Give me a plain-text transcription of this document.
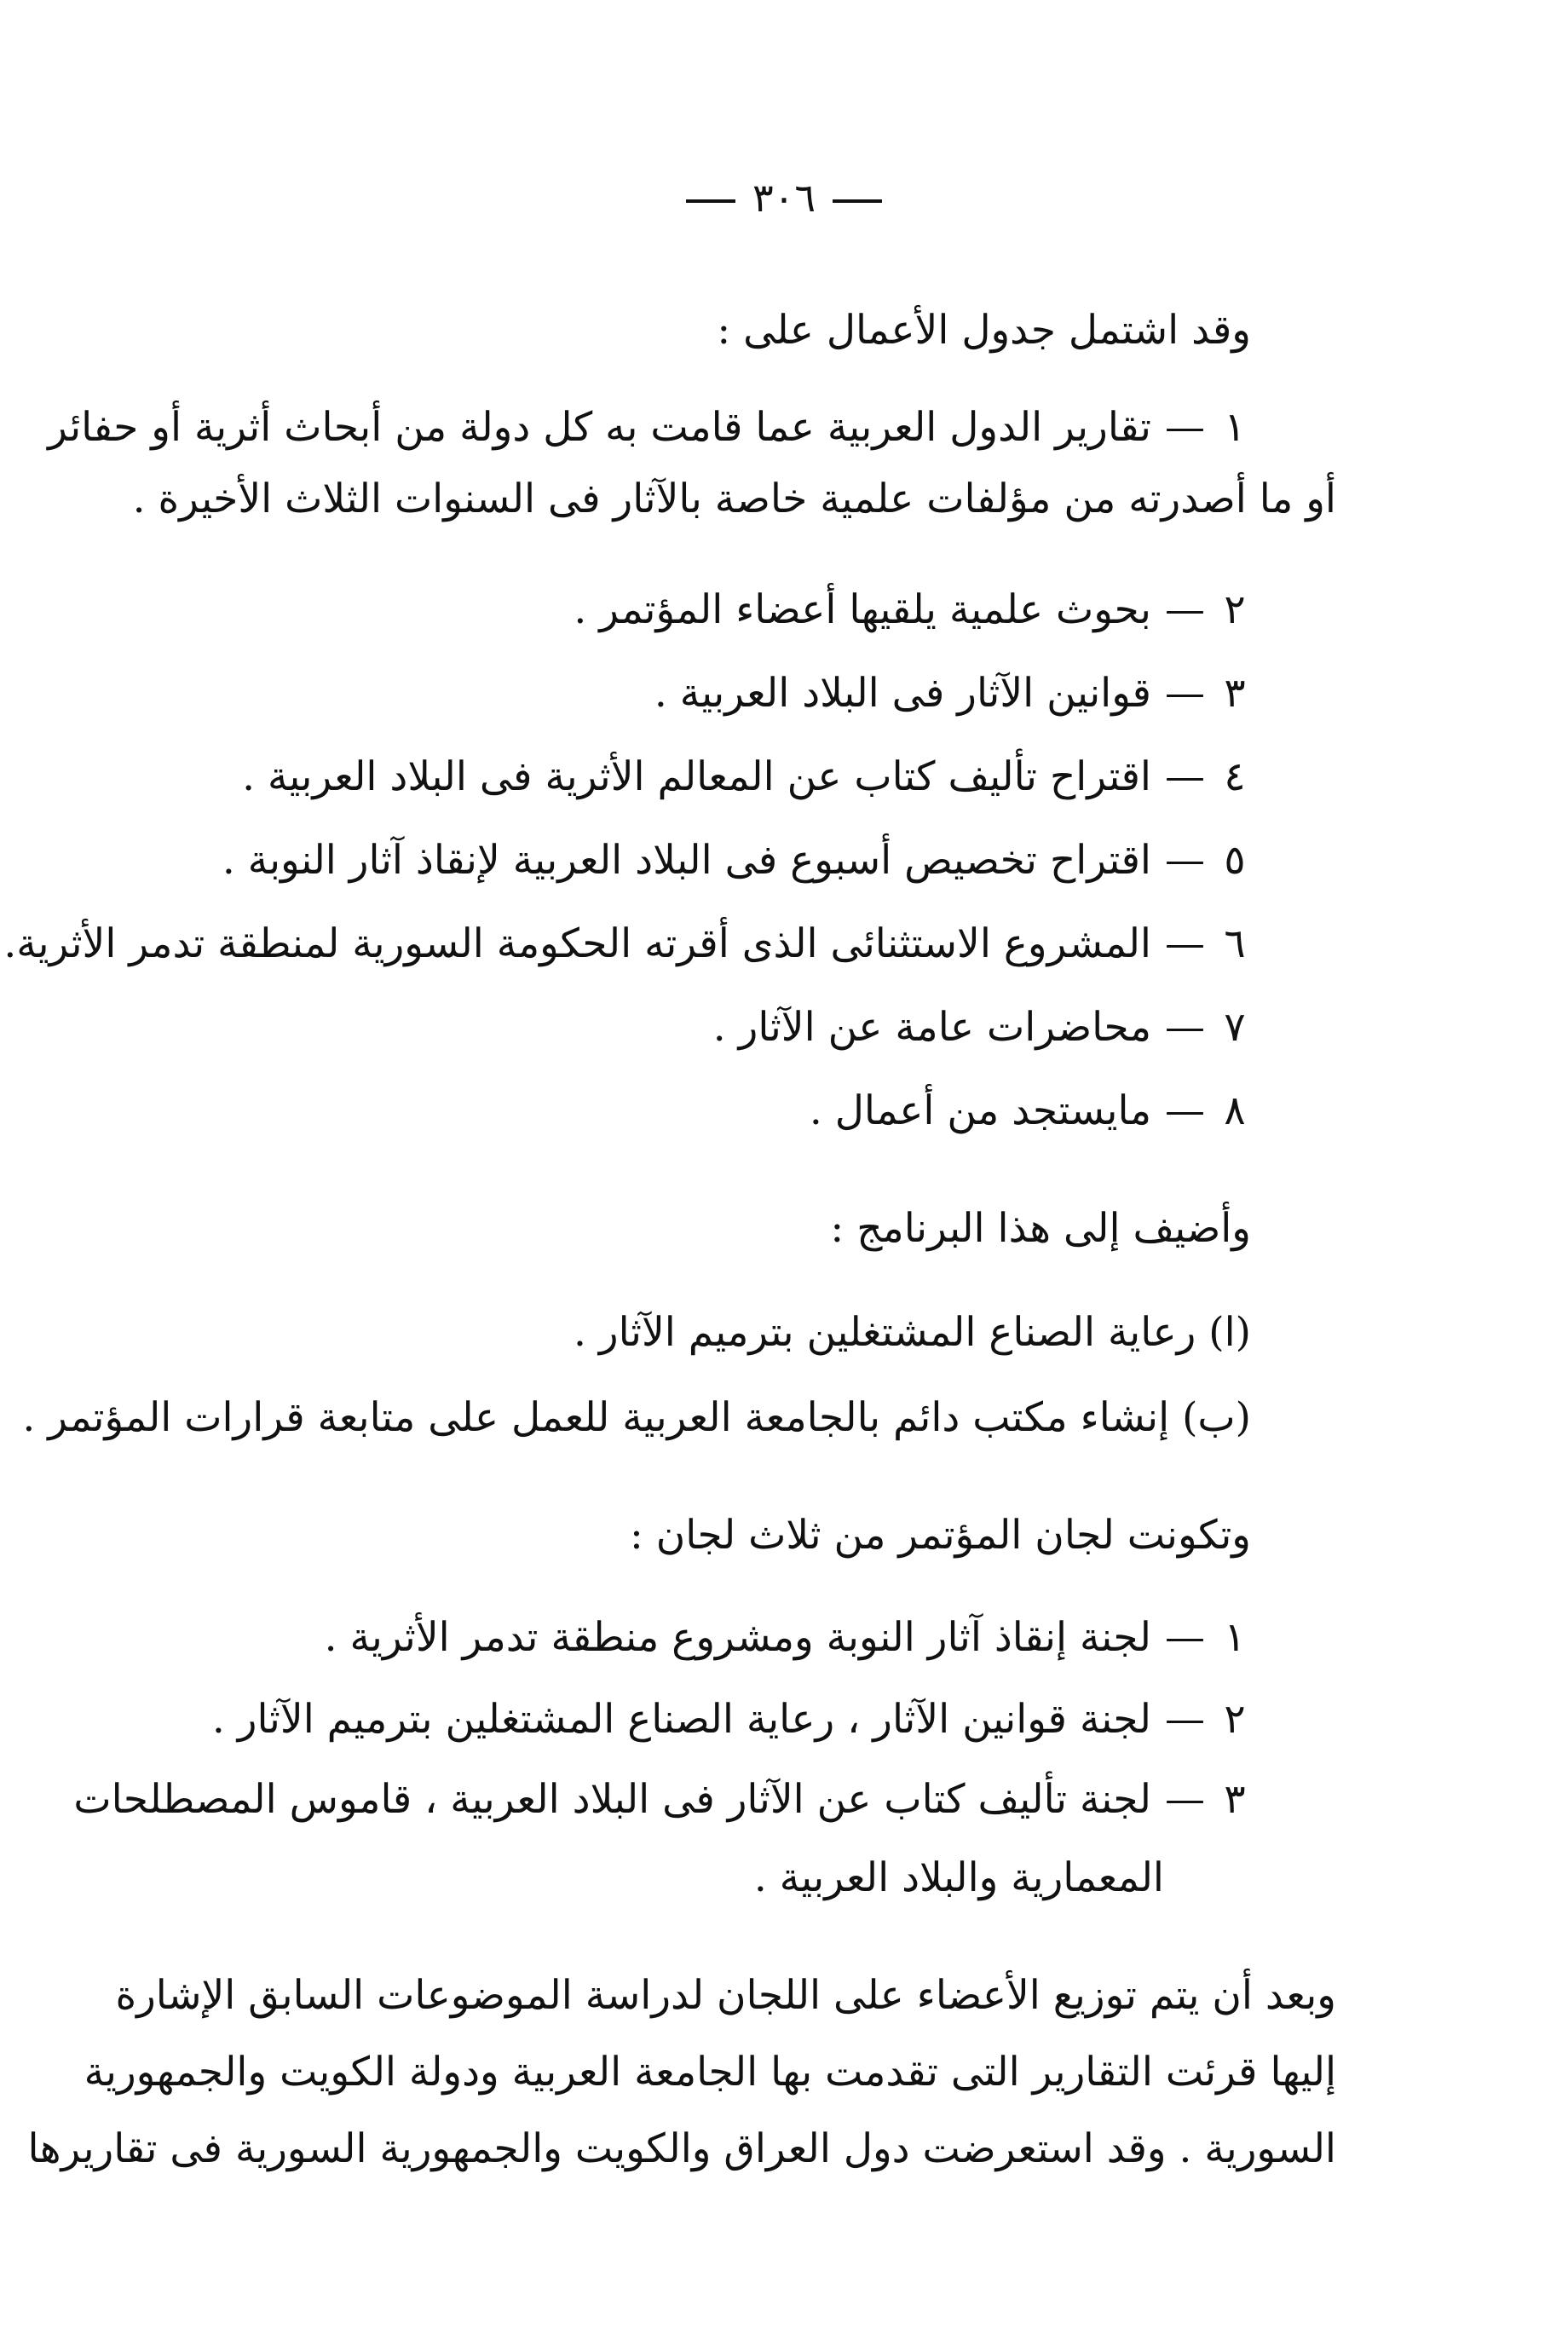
٣٠٦
وقد اشتمل جدول الأعمال على :
١—تقارير الدول العربية عما قامت به كل دولة من أبحاث أثرية أو حفائر
أو ما أصدرته من مؤلفات علمية خاصة بالآثار فى السنوات الثلاث الأخيرة .
٢—بحوث علمية يلقيها أعضاء المؤتمر .
٣—قوانين الآثار فى البلاد العربية .
٤—اقتراح تأليف كتاب عن المعالم الأثرية فى البلاد العربية .
٥—اقتراح تخصيص أسبوع فى البلاد العربية لإنقاذ آثار النوبة .
٦—المشروع الاستثنائى الذى أقرته الحكومة السورية لمنطقة تدمر الأثرية.
٧—محاضرات عامة عن الآثار .
٨—مايستجد من أعمال .
وأضيف إلى هذا البرنامج :
(ا) رعاية الصناع المشتغلين بترميم الآثار .
(ب) إنشاء مكتب دائم بالجامعة العربية للعمل على متابعة قرارات المؤتمر .
وتكونت لجان المؤتمر من ثلاث لجان :
١—لجنة إنقاذ آثار النوبة ومشروع منطقة تدمر الأثرية .
٢—لجنة قوانين الآثار ، رعاية الصناع المشتغلين بترميم الآثار .
٣—لجنة تأليف كتاب عن الآثار فى البلاد العربية ، قاموس المصطلحات
المعمارية والبلاد العربية .
وبعد أن يتم توزيع الأعضاء على اللجان لدراسة الموضوعات السابق الإشارة
إليها قرئت التقارير التى تقدمت بها الجامعة العربية ودولة الكويت والجمهورية
السورية . وقد استعرضت دول العراق والكويت والجمهورية السورية فى تقاريرها
